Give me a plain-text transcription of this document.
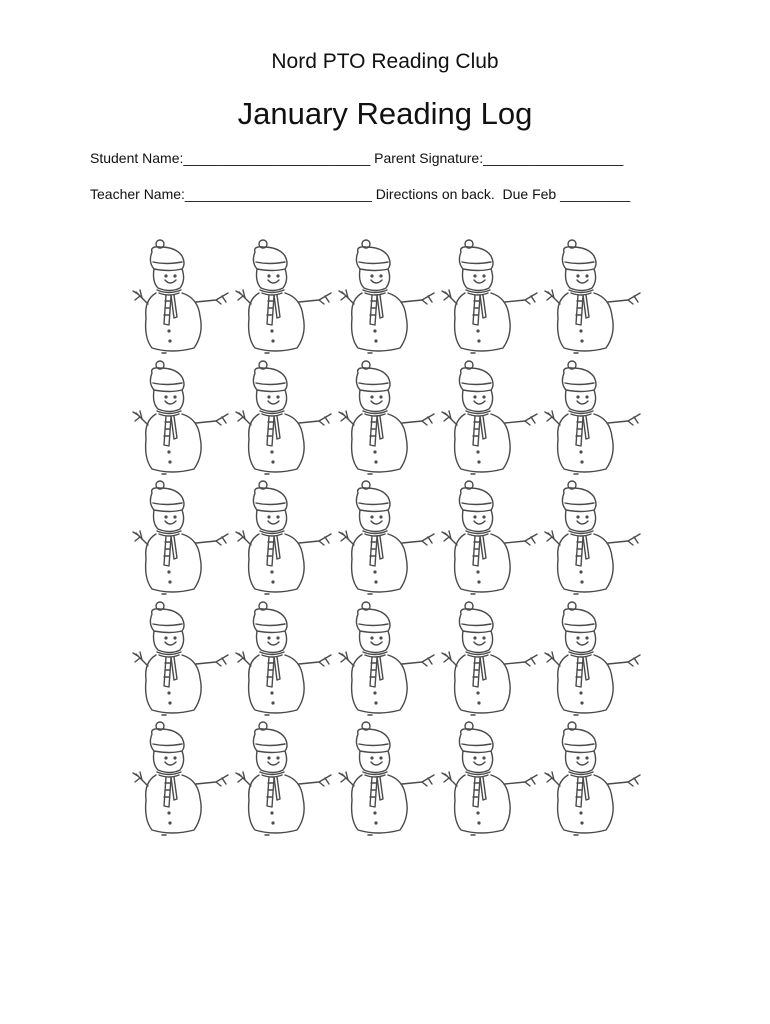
Nord PTO Reading Club
January Reading Log
Student Name:________________________ Parent Signature:__________________
Teacher Name:________________________ Directions on back.  Due Feb _________
